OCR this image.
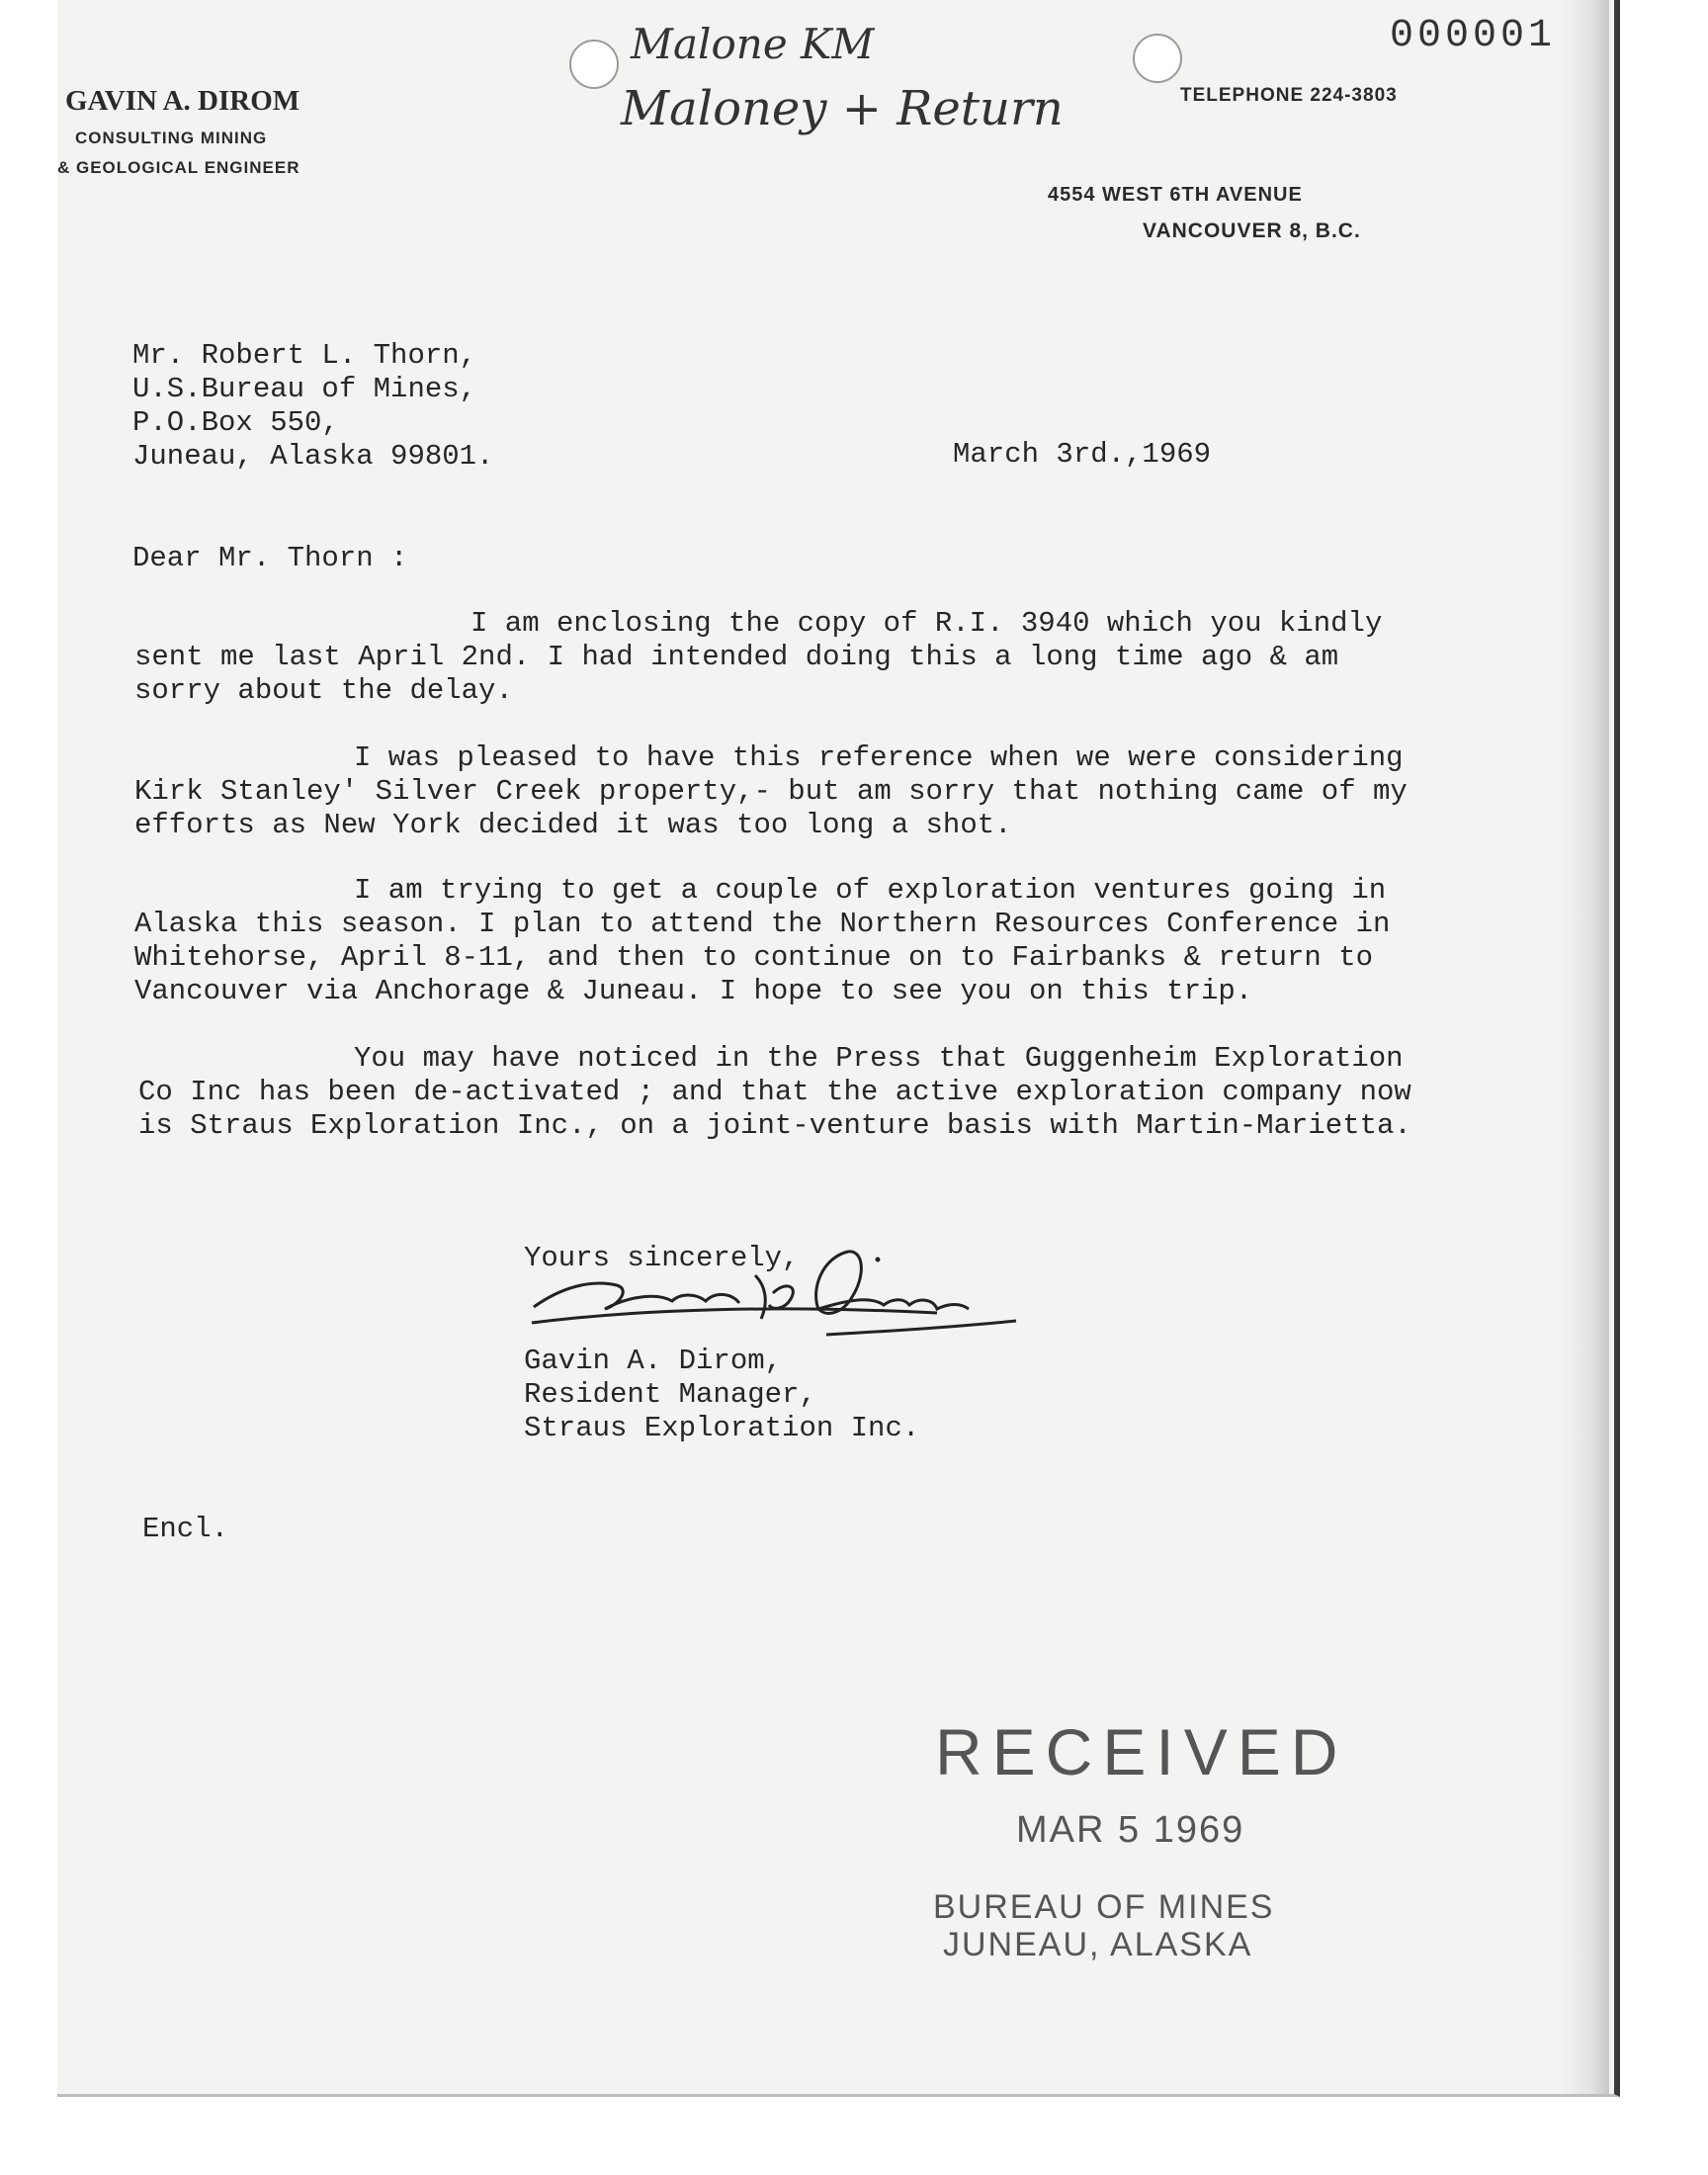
000001
Malone KM
Maloney + Return
GAVIN A. DIROM
CONSULTING MINING
& GEOLOGICAL ENGINEER
TELEPHONE 224-3803
4554 WEST 6TH AVENUE
VANCOUVER 8, B.C.
Mr. Robert L. Thorn,
U.S.Bureau of Mines,
P.O.Box 550,
Juneau, Alaska 99801.	March 3rd.,1969
Dear Mr. Thorn :
I am enclosing the copy of R.I. 3940 which you kindly
sent me last April 2nd. I had intended doing this a long time ago & am
sorry about the delay.
I was pleased to have this reference when we were considering
Kirk Stanley' Silver Creek property,- but am sorry that nothing came of my
efforts as New York decided it was too long a shot.
I am trying to get a couple of exploration ventures going in
Alaska this season. I plan to attend the Northern Resources Conference in
Whitehorse, April 8-11, and then to continue on to Fairbanks & return to
Vancouver via Anchorage & Juneau. I hope to see you on this trip.
You may have noticed in the Press that Guggenheim Exploration
Co Inc has been de-activated ; and that the active exploration company now
is Straus Exploration Inc., on a joint-venture basis with Martin-Marietta.
Yours sincerely,
Gavin A. Dirom,
Resident Manager,
Straus Exploration Inc.
Encl.
RECEIVED
MAR 5 1969
BUREAU OF MINES
JUNEAU, ALASKA
